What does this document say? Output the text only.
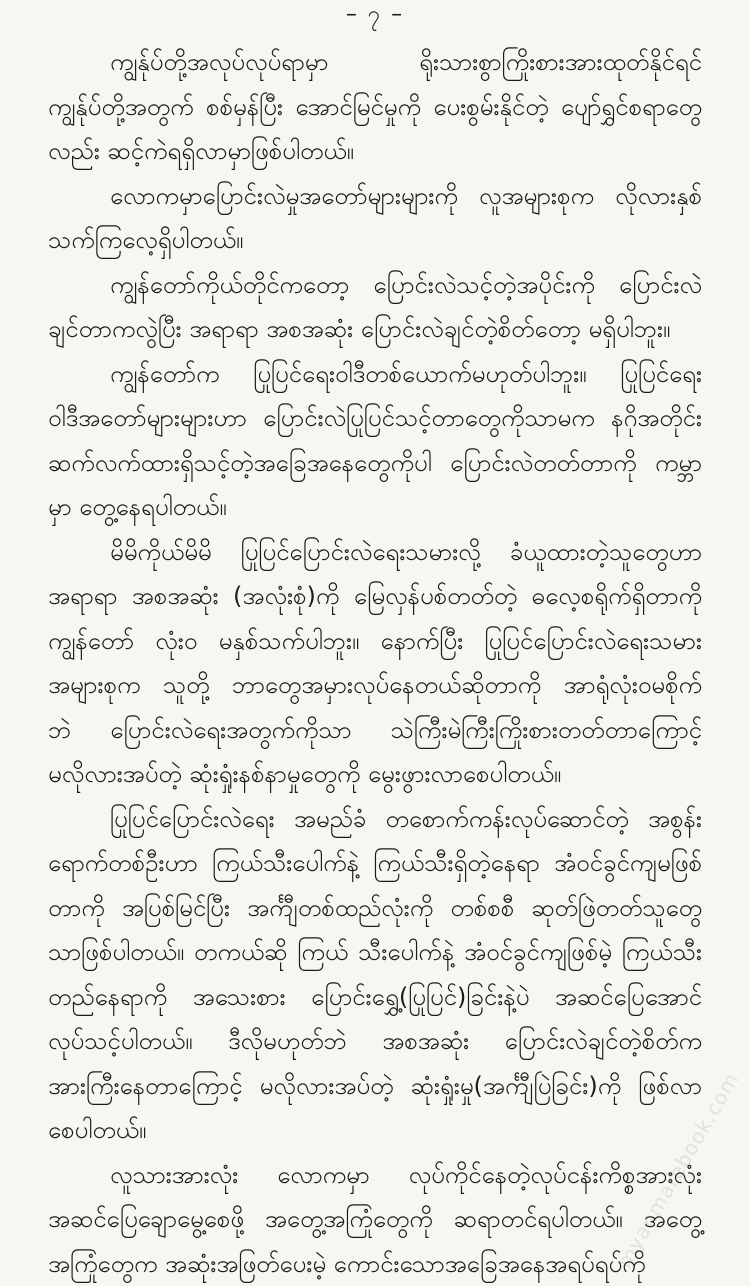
– ၇ –
ကျွန်ုပ်တို့အလုပ်လုပ်ရာမှာ ရိုးသားစွာကြိုးစားအားထုတ်နိုင်ရင်
ကျွန်ုပ်တို့အတွက် စစ်မှန်ပြီး အောင်မြင်မှုကို ပေးစွမ်းနိုင်တဲ့ ပျော်ရွှင်စရာတွေ
လည်း ဆင့်ကဲရရှိလာမှာဖြစ်ပါတယ်။
လောကမှာပြောင်းလဲမှုအတော်များများကို လူအများစုက လိုလားနှစ်
သက်ကြလေ့ရှိပါတယ်။
ကျွန်တော်ကိုယ်တိုင်ကတော့ ပြောင်းလဲသင့်တဲ့အပိုင်းကို ပြောင်းလဲ
ချင်တာကလွဲပြီး အရာရာ အစအဆုံး ပြောင်းလဲချင်တဲ့စိတ်တော့ မရှိပါဘူး။
ကျွန်တော်က ပြုပြင်ရေးဝါဒီတစ်ယောက်မဟုတ်ပါဘူး။ ပြုပြင်ရေး
ဝါဒီအတော်များများဟာ ပြောင်းလဲပြုပြင်သင့်တာတွေကိုသာမက နဂိုအတိုင်း
ဆက်လက်ထားရှိသင့်တဲ့အခြေအနေတွေကိုပါ ပြောင်းလဲတတ်တာကို ကမ္ဘာ
မှာ တွေ့နေရပါတယ်။
မိမိကိုယ်မိမိ ပြုပြင်ပြောင်းလဲရေးသမားလို့ ခံယူထားတဲ့သူတွေဟာ
အရာရာ အစအဆုံး (အလုံးစုံ)ကို မြေလှန်ပစ်တတ်တဲ့ ဓလေ့စရိုက်ရှိတာကို
ကျွန်တော် လုံးဝ မနှစ်သက်ပါဘူး။ နောက်ပြီး ပြုပြင်ပြောင်းလဲရေးသမား
အများစုက သူတို့ ဘာတွေအမှားလုပ်နေတယ်ဆိုတာကို အာရုံလုံးဝမစိုက်
ဘဲ ပြောင်းလဲရေးအတွက်ကိုသာ သဲကြီးမဲကြီးကြိုးစားတတ်တာကြောင့်
မလိုလားအပ်တဲ့ ဆုံးရှုံးနစ်နာမှုတွေကို မွေးဖွားလာစေပါတယ်။
ပြုပြင်ပြောင်းလဲရေး အမည်ခံ တစောက်ကန်းလုပ်ဆောင်တဲ့ အစွန်း
ရောက်တစ်ဦးဟာ ကြယ်သီးပေါက်နဲ့ ကြယ်သီးရှိတဲ့နေရာ အံဝင်ခွင်ကျမဖြစ်
တာကို အပြစ်မြင်ပြီး အင်္ကျီတစ်ထည်လုံးကို တစ်စစီ ဆုတ်ဖြဲတတ်သူတွေ
သာဖြစ်ပါတယ်။ တကယ်ဆို ကြယ် သီးပေါက်နဲ့ အံဝင်ခွင်ကျဖြစ်မဲ့ ကြယ်သီး
တည်နေရာကို အသေးစား ပြောင်းရွှေ့(ပြုပြင်)ခြင်းနဲ့ပဲ အဆင်ပြေအောင်
လုပ်သင့်ပါတယ်။ ဒီလိုမဟုတ်ဘဲ အစအဆုံး ပြောင်းလဲချင်တဲ့စိတ်က
အားကြီးနေတာကြောင့် မလိုလားအပ်တဲ့ ဆုံးရှုံးမှု(အင်္ကျီပြဲခြင်း)ကို ဖြစ်လာ
စေပါတယ်။
လူသားအားလုံး လောကမှာ လုပ်ကိုင်နေတဲ့လုပ်ငန်းကိစ္စအားလုံး
အဆင်ပြေချောမွေ့စေဖို့ အတွေ့အကြုံတွေကို ဆရာတင်ရပါတယ်။ အတွေ့
အကြုံတွေက အဆုံးအဖြတ်ပေးမဲ့ ကောင်းသောအခြေအနေအရပ်ရပ်ကို
myanmarebook.com
